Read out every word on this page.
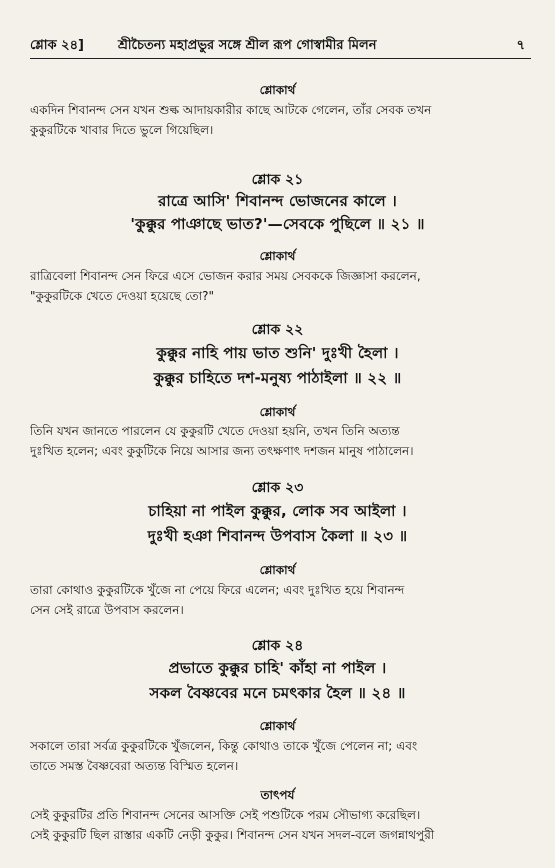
শ্লোক ২৪]	শ্রীচৈতন্য মহাপ্রভুর সঙ্গে শ্রীল রূপ গোস্বামীর মিলন	৭
শ্লোকার্থ
একদিন শিবানন্দ সেন যখন শুল্ক আদায়কারীর কাছে আটকে গেলেন, তাঁর সেবক তখন
কুকুরটিকে খাবার দিতে ভুলে গিয়েছিল।
শ্লোক ২১
রাত্রে আসি' শিবানন্দ ভোজনের কালে ।
'কুক্কুর পাঞাছে ভাত?'—সেবকে পুছিলে ॥ ২১ ॥
শ্লোকার্থ
রাত্রিবেলা শিবানন্দ সেন ফিরে এসে ভোজন করার সময় সেবককে জিজ্ঞাসা করলেন,
"কুকুরটিকে খেতে দেওয়া হয়েছে তো?"
শ্লোক ২২
কুক্কুর নাহি পায় ভাত শুনি' দুঃখী হৈলা ।
কুক্কুর চাহিতে দশ-মনুষ্য পাঠাইলা ॥ ২২ ॥
শ্লোকার্থ
তিনি যখন জানতে পারলেন যে কুকুরটি খেতে দেওয়া হয়নি, তখন তিনি অত্যন্ত
দুঃখিত হলেন; এবং কুকুটিকে নিয়ে আসার জন্য তৎক্ষণাৎ দশজন মানুষ পাঠালেন।
শ্লোক ২৩
চাহিয়া না পাইল কুক্কুর, লোক সব আইলা ।
দুঃখী হঞা শিবানন্দ উপবাস কৈলা ॥ ২৩ ॥
শ্লোকার্থ
তারা কোথাও কুকুরটিকে খুঁজে না পেয়ে ফিরে এলেন; এবং দুঃখিত হয়ে শিবানন্দ
সেন সেই রাত্রে উপবাস করলেন।
শ্লোক ২৪
প্রভাতে কুক্কুর চাহি' কাঁহা না পাইল ।
সকল বৈষ্ণবের মনে চমৎকার হৈল ॥ ২৪ ॥
শ্লোকার্থ
সকালে তারা সর্বত্র কুকুরটিকে খুঁজলেন, কিন্তু কোথাও তাকে খুঁজে পেলেন না; এবং
তাতে সমস্ত বৈষ্ণবেরা অত্যন্ত বিস্মিত হলেন।
তাৎপর্য
সেই কুকুরটির প্রতি শিবানন্দ সেনের আসক্তি সেই পশুটিকে পরম সৌভাগ্য করেছিল।
সেই কুকুরটি ছিল রাস্তার একটি নেড়ী কুকুর। শিবানন্দ সেন যখন সদল-বলে জগন্নাথপুরী
